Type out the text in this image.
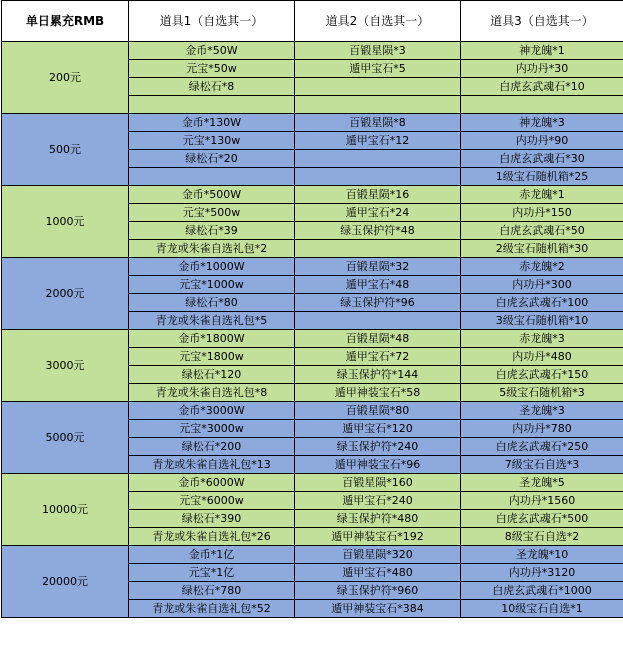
单日累充RMB	道具1（自选其一）	道具2（自选其一）	道具3（自选其一）
200元	金币*50W	百锻星陨*3	神龙魄*1
	元宝*50w	遁甲宝石*5	内功丹*30
	绿松石*8		白虎玄武魂石*10

500元	金币*130W	百锻星陨*8	神龙魄*3
	元宝*130w	遁甲宝石*12	内功丹*90
	绿松石*20		白虎玄武魂石*30
			1级宝石随机箱*25
1000元	金币*500W	百锻星陨*16	赤龙魄*1
	元宝*500w	遁甲宝石*24	内功丹*150
	绿松石*39	绿玉保护符*48	白虎玄武魂石*50
	青龙或朱雀自选礼包*2		2级宝石随机箱*30
2000元	金币*1000W	百锻星陨*32	赤龙魄*2
	元宝*1000w	遁甲宝石*48	内功丹*300
	绿松石*80	绿玉保护符*96	白虎玄武魂石*100
	青龙或朱雀自选礼包*5		3级宝石随机箱*10
3000元	金币*1800W	百锻星陨*48	赤龙魄*3
	元宝*1800w	遁甲宝石*72	内功丹*480
	绿松石*120	绿玉保护符*144	白虎玄武魂石*150
	青龙或朱雀自选礼包*8	遁甲神装宝石*58	5级宝石随机箱*3
5000元	金币*3000W	百锻星陨*80	圣龙魄*3
	元宝*3000w	遁甲宝石*120	内功丹*780
	绿松石*200	绿玉保护符*240	白虎玄武魂石*250
	青龙或朱雀自选礼包*13	遁甲神装宝石*96	7级宝石自选*3
10000元	金币*6000W	百锻星陨*160	圣龙魄*5
	元宝*6000w	遁甲宝石*240	内功丹*1560
	绿松石*390	绿玉保护符*480	白虎玄武魂石*500
	青龙或朱雀自选礼包*26	遁甲神装宝石*192	8级宝石自选*2
20000元	金币*1亿	百锻星陨*320	圣龙魄*10
	元宝*1亿	遁甲宝石*480	内功丹*3120
	绿松石*780	绿玉保护符*960	白虎玄武魂石*1000
	青龙或朱雀自选礼包*52	遁甲神装宝石*384	10级宝石自选*1
